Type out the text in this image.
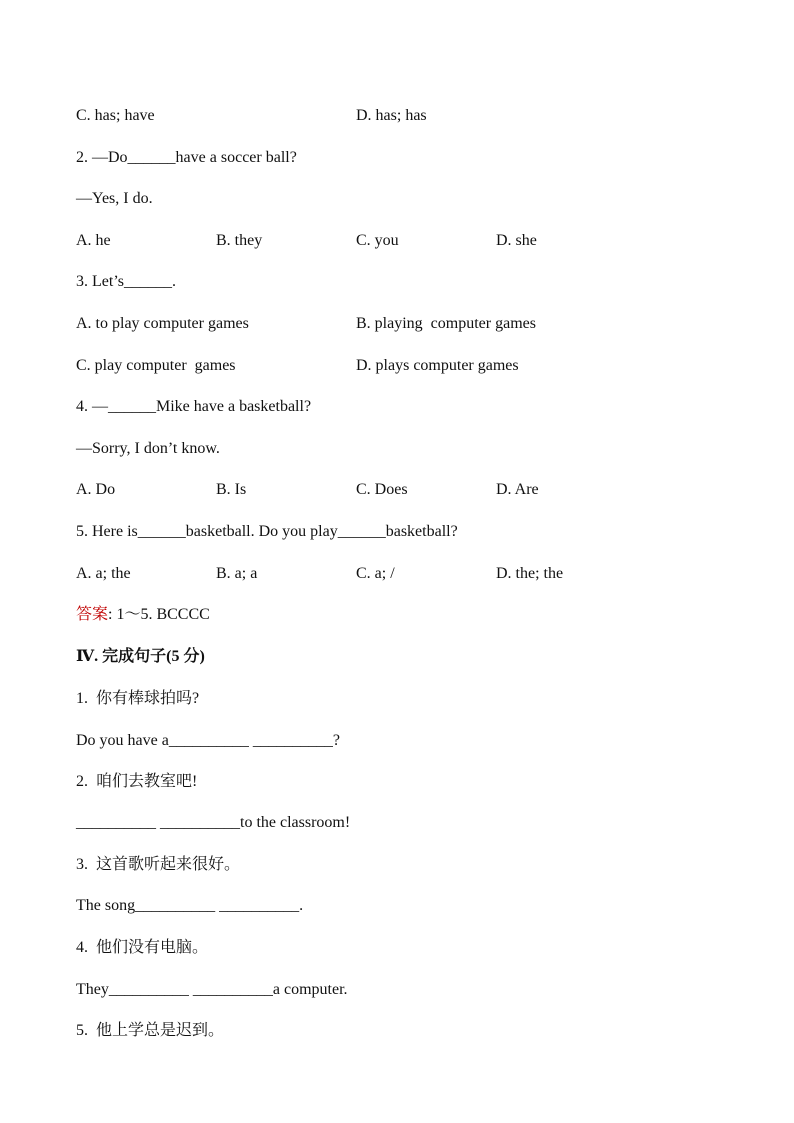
C. has; have	D. has; has
2. —Do______have a soccer ball?
—Yes, I do.
A. he	B. they	C. you	D. she
3. Let’s______.
A. to play computer games	B. playing  computer games
C. play computer  games	D. plays computer games
4. —______Mike have a basketball?
—Sorry, I don’t know.
A. Do	B. Is	C. Does	D. Are
5. Here is______basketball. Do you play______basketball?
A. a; the	B. a; a	C. a; /	D. the; the
答案: 1～5. BCCCC
Ⅳ. 完成句子(5 分)
1.  你有棒球拍吗?
Do you have a__________ __________?
2.  咱们去教室吧!
__________ __________to the classroom!
3.  这首歌听起来很好。
The song__________ __________.
4.  他们没有电脑。
They__________ __________a computer.
5.  他上学总是迟到。
